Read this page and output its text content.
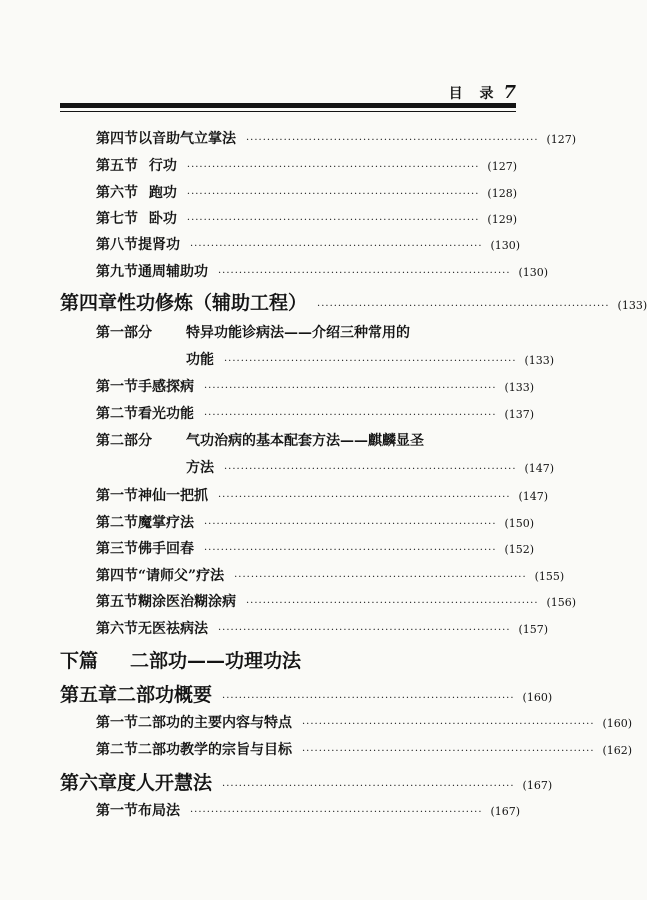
目 录 7
第四节 以音助气立掌法 ······································································ (127)
第五节 行功 ······································································ (127)
第六节 跑功 ······································································ (128)
第七节 卧功 ······································································ (129)
第八节 提肾功 ······································································ (130)
第九节 通周辅助功 ······································································ (130)
第四章 性功修炼（辅助工程） ······································································ (133)
第一部分	特异功能诊病法——介绍三种常用的
功能 ······································································ (133)
第一节 手感探病 ······································································ (133)
第二节 看光功能 ······································································ (137)
第二部分	气功治病的基本配套方法——麒麟显圣
方法 ······································································ (147)
第一节 神仙一把抓 ······································································ (147)
第二节 魔掌疗法 ······································································ (150)
第三节 佛手回春 ······································································ (152)
第四节 “请师父”疗法 ······································································ (155)
第五节 糊涂医治糊涂病 ······································································ (156)
第六节 无医祛病法 ······································································ (157)
下篇 二部功——功理功法
第五章 二部功概要 ······································································ (160)
第一节 二部功的主要内容与特点 ······································································ (160)
第二节 二部功教学的宗旨与目标 ······································································ (162)
第六章 度人开慧法 ······································································ (167)
第一节 布局法 ······································································ (167)
